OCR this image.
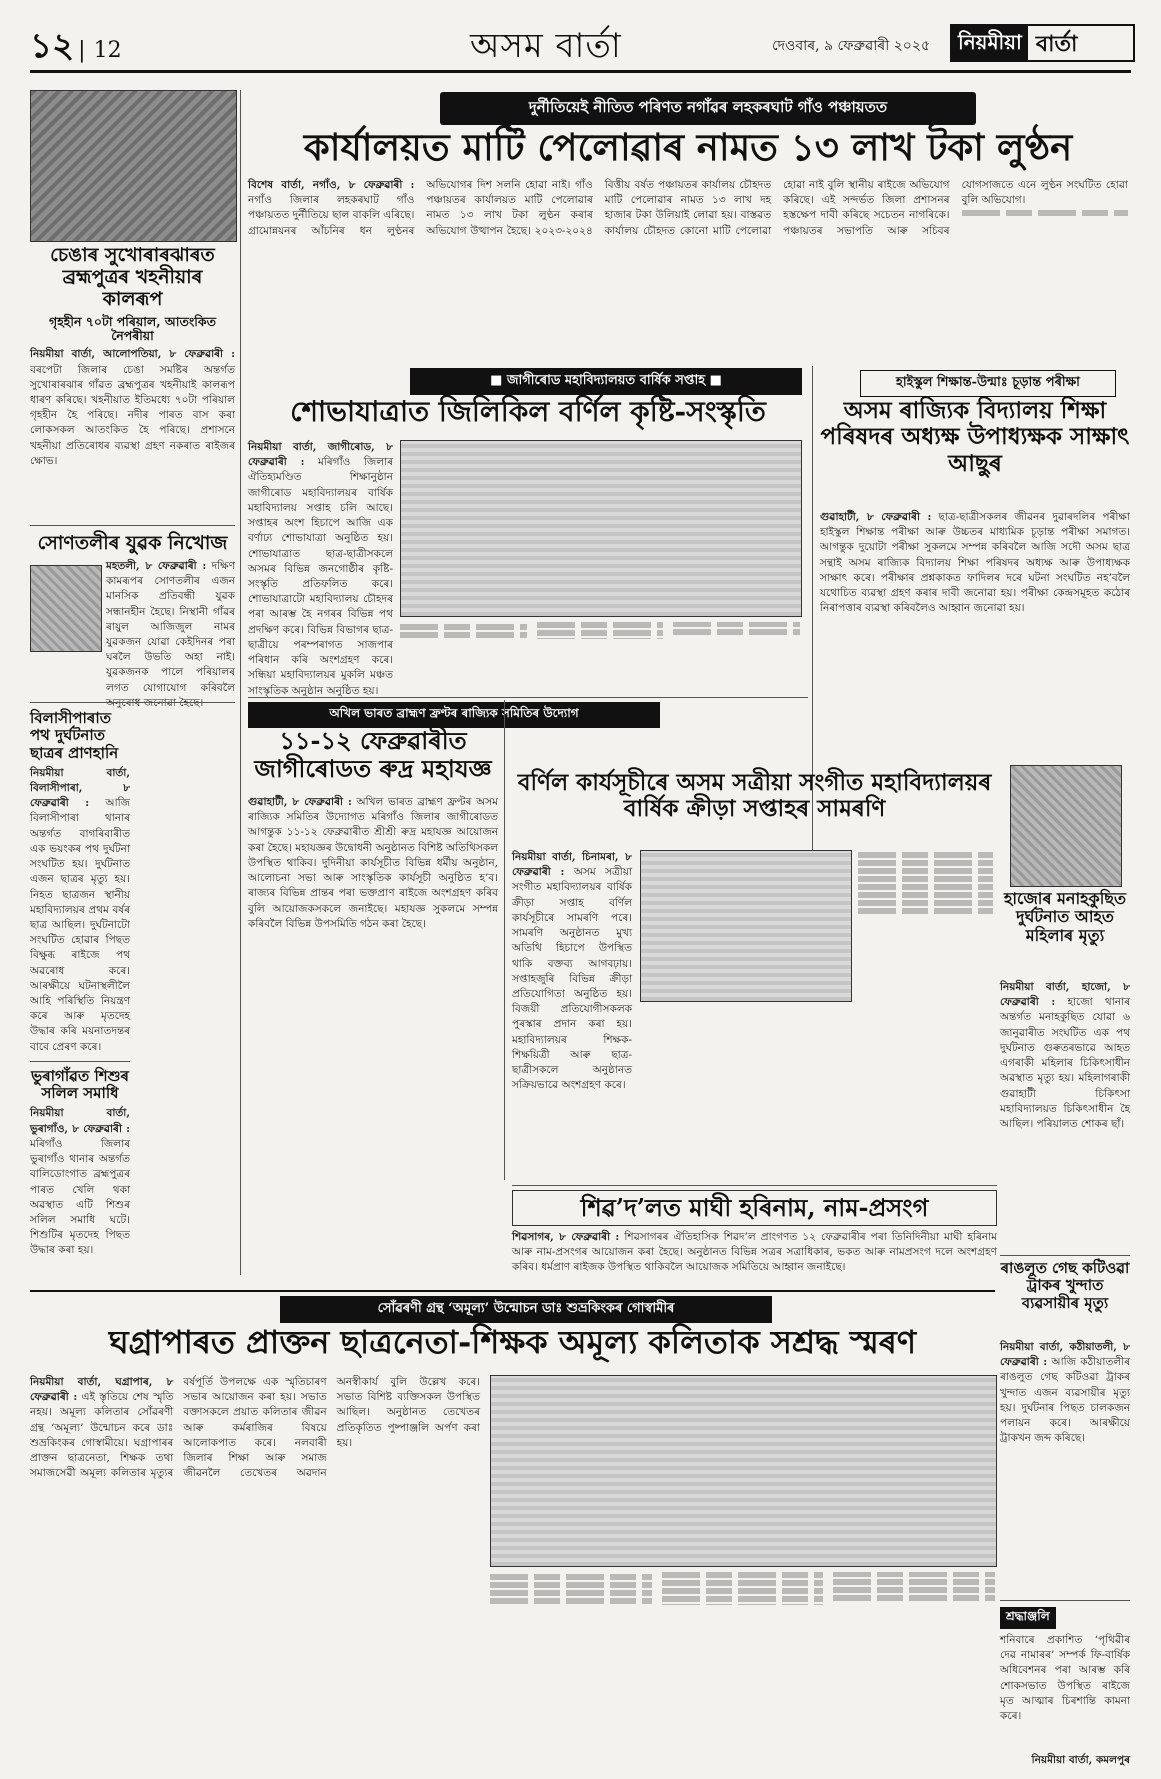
১২ | 12	অসম বাৰ্তা	দেওবাৰ, ৯ ফেব্ৰুৱাৰী ২০২৫	নিয়মীয়া বাৰ্তা
চেঙাৰ সুখোৰাৰঝাৰত ব্ৰহ্মপুত্ৰৰ খহনীয়াৰ কালৰূপ
গৃহহীন ৭০টা পৰিয়াল, আতংকিত নৈপৰীয়া
নিয়মীয়া বাৰ্তা, আলোপতিয়া, ৮ ফেব্ৰুৱাৰী : বৰপেটা জিলাৰ চেঙা সমষ্টিৰ অন্তৰ্গত সুখোৰাৰঝাৰ গাঁৱত ব্ৰহ্মপুত্ৰৰ খহনীয়াই কালৰূপ ধাৰণ কৰিছে। খহনীয়াত ইতিমধ্যে ৭০টা পৰিয়াল গৃহহীন হৈ পৰিছে। নদীৰ পাৰত বাস কৰা লোকসকল আতংকিত হৈ পৰিছে। প্ৰশাসনে খহনীয়া প্ৰতিৰোধৰ ব্যৱস্থা গ্ৰহণ নকৰাত ৰাইজৰ ক্ষোভ।
সোণতলীৰ যুৱক নিখোজ
মহতলী, ৮ ফেব্ৰুৱাৰী : দক্ষিণ কামৰূপৰ সোণতলীৰ এজন মানসিক প্ৰতিবন্ধী যুৱক সন্ধানহীন হৈছে। নিস্থানী গাঁৱৰ ৰায়ুল আজিজুল নামৰ যুৱকজন যোৱা কেইদিনৰ পৰা ঘৰলৈ উভতি অহা নাই। যুৱকজনক পালে পৰিয়ালৰ লগত যোগাযোগ কৰিবলৈ অনুৰোধ জনোৱা হৈছে।
বিলাসীপাৰাত পথ দুৰ্ঘটনাত ছাত্ৰৰ প্ৰাণহানি
নিয়মীয়া বাৰ্তা, বিলাসীপাৰা, ৮ ফেব্ৰুৱাৰী : আজি বিলাসীপাৰা থানাৰ অন্তৰ্গত বাগৰিবাৰীত এক ভয়ংকৰ পথ দুৰ্ঘটনা সংঘটিত হয়। দুৰ্ঘটনাত এজন ছাত্ৰৰ মৃত্যু হয়। নিহত ছাত্ৰজন স্থানীয় মহাবিদ্যালয়ৰ প্ৰথম বৰ্ষৰ ছাত্ৰ আছিল। দুৰ্ঘটনাটো সংঘটিত হোৱাৰ পিছত বিক্ষুব্ধ ৰাইজে পথ অৱৰোধ কৰে। আৰক্ষীয়ে ঘটনাস্থলীলৈ আহি পৰিস্থিতি নিয়ন্ত্ৰণ কৰে আৰু মৃতদেহ উদ্ধাৰ কৰি ময়নাতদন্তৰ বাবে প্ৰেৰণ কৰে।
ভুৰাগাঁৱত শিশুৰ সলিল সমাধি
নিয়মীয়া বাৰ্তা, ভুৰাগাঁও, ৮ ফেব্ৰুৱাৰী : মৰিগাঁও জিলাৰ ভুৰাগাঁও থানাৰ অন্তৰ্গত বালিডোংগাত ব্ৰহ্মপুত্ৰৰ পাৰত খেলি থকা অৱস্থাত এটি শিশুৰ সলিল সমাধি ঘটে। শিশুটিৰ মৃতদেহ পিছত উদ্ধাৰ কৰা হয়।
দুৰ্নীতিয়েই নীতিত পৰিণত নগাঁৱৰ লহকৰঘাট গাঁও পঞ্চায়তত
কাৰ্যালয়ত মাটি পেলোৱাৰ নামত ১৩ লাখ টকা লুণ্ঠন
বিশেষ বাৰ্তা, নগাঁও, ৮ ফেব্ৰুৱাৰী : নগাঁও জিলাৰ লহকৰঘাট গাঁও পঞ্চায়তত দুৰ্নীতিয়ে ছাল বাকলি এৰিছে। গ্ৰামোন্নয়নৰ আঁচনিৰ ধন লুণ্ঠনৰ অভিযোগৰ দিশ সলনি হোৱা নাই। গাঁও পঞ্চায়তৰ কাৰ্যালয়ত মাটি পেলোৱাৰ নামত ১৩ লাখ টকা লুণ্ঠন কৰাৰ অভিযোগ উত্থাপন হৈছে। ২০২৩-২০২৪ বিত্তীয় বৰ্ষত পঞ্চায়তৰ কাৰ্যালয় চৌহদত মাটি পেলোৱাৰ নামত ১৩ লাখ দহ হাজাৰ টকা উলিয়াই লোৱা হয়। বাস্তৱত কাৰ্যালয় চৌহদত কোনো মাটি পেলোৱা হোৱা নাই বুলি স্থানীয় ৰাইজে অভিযোগ কৰিছে। এই সন্দৰ্ভত জিলা প্ৰশাসনৰ হস্তক্ষেপ দাবী কৰিছে সচেতন নাগৰিকে। পঞ্চায়তৰ সভাপতি আৰু সচিবৰ যোগসাজতে এনে লুণ্ঠন সংঘটিত হোৱা বুলি অভিযোগ।
■ জাগীৰোড মহাবিদ্যালয়ত বাৰ্ষিক সপ্তাহ ■
শোভাযাত্ৰাত জিলিকিল বৰ্ণিল কৃষ্টি-সংস্কৃতি
নিয়মীয়া বাৰ্তা, জাগীৰোড, ৮ ফেব্ৰুৱাৰী : মৰিগাঁও জিলাৰ ঐতিহ্যমণ্ডিত শিক্ষানুষ্ঠান জাগীৰোড মহাবিদ্যালয়ৰ বাৰ্ষিক মহাবিদ্যালয় সপ্তাহ চলি আছে। সপ্তাহৰ অংশ হিচাপে আজি এক বৰ্ণাঢ্য শোভাযাত্ৰা অনুষ্ঠিত হয়। শোভাযাত্ৰাত ছাত্ৰ-ছাত্ৰীসকলে অসমৰ বিভিন্ন জনগোষ্ঠীৰ কৃষ্টি-সংস্কৃতি প্ৰতিফলিত কৰে। শোভাযাত্ৰাটো মহাবিদ্যালয় চৌহদৰ পৰা আৰম্ভ হৈ নগৰৰ বিভিন্ন পথ প্ৰদক্ষিণ কৰে। বিভিন্ন বিভাগৰ ছাত্ৰ-ছাত্ৰীয়ে পৰম্পৰাগত সাজপাৰ পৰিধান কৰি অংশগ্ৰহণ কৰে। সন্ধিয়া মহাবিদ্যালয়ৰ মুকলি মঞ্চত সাংস্কৃতিক অনুষ্ঠান অনুষ্ঠিত হয়।
হাইস্কুল শিক্ষান্ত-উন্মাঃ চূড়ান্ত পৰীক্ষা
অসম ৰাজ্যিক বিদ্যালয় শিক্ষা পৰিষদৰ অধ্যক্ষ উপাধ্যক্ষক সাক্ষাৎ আছুৰ
গুৱাহাটী, ৮ ফেব্ৰুৱাৰী : ছাত্ৰ-ছাত্ৰীসকলৰ জীৱনৰ দুৱাৰদলিৰ পৰীক্ষা হাইস্কুল শিক্ষান্ত পৰীক্ষা আৰু উচ্চতৰ মাধ্যমিক চূড়ান্ত পৰীক্ষা সমাগত। আগন্তুক দুয়োটা পৰীক্ষা সুকলমে সম্পন্ন কৰিবলৈ আজি সদৌ অসম ছাত্ৰ সন্থাই অসম ৰাজ্যিক বিদ্যালয় শিক্ষা পৰিষদৰ অধ্যক্ষ আৰু উপাধ্যক্ষক সাক্ষাৎ কৰে। পৰীক্ষাৰ প্ৰশ্নকাকত ফাদিলৰ দৰে ঘটনা সংঘটিত নহ’বলৈ যথোচিত ব্যৱস্থা গ্ৰহণ কৰাৰ দাবী জনোৱা হয়। পৰীক্ষা কেন্দ্ৰসমূহত কঠোৰ নিৰাপত্তাৰ ব্যৱস্থা কৰিবলৈও আহ্বান জনোৱা হয়।
হাজোৰ মনাহকুছিত দুৰ্ঘটনাত আহত মহিলাৰ মৃত্যু
নিয়মীয়া বাৰ্তা, হাজো, ৮ ফেব্ৰুৱাৰী : হাজো থানাৰ অন্তৰ্গত মনাহকুছিত যোৱা ৬ জানুৱাৰীত সংঘটিত এক পথ দুৰ্ঘটনাত গুৰুতৰভাৱে আহত এগৰাকী মহিলাৰ চিকিৎসাধীন অৱস্থাত মৃত্যু হয়। মহিলাগৰাকী গুৱাহাটী চিকিৎসা মহাবিদ্যালয়ত চিকিৎসাধীন হৈ আছিল। পৰিয়ালত শোকৰ ছাঁ।
অখিল ভাৰত ব্ৰাহ্মণ ফ্ৰণ্টৰ ৰাজ্যিক সমিতিৰ উদ্যোগ
১১-১২ ফেব্ৰুৱাৰীত জাগীৰোডত ৰুদ্ৰ মহাযজ্ঞ
গুৱাহাটী, ৮ ফেব্ৰুৱাৰী : অখিল ভাৰত ব্ৰাহ্মণ ফ্ৰণ্টৰ অসম ৰাজ্যিক সমিতিৰ উদ্যোগত মৰিগাঁও জিলাৰ জাগীৰোডত আগন্তুক ১১-১২ ফেব্ৰুৱাৰীত শ্ৰীশ্ৰী ৰুদ্ৰ মহাযজ্ঞ আয়োজন কৰা হৈছে। মহাযজ্ঞৰ উদ্বোধনী অনুষ্ঠানত বিশিষ্ট অতিথিসকল উপস্থিত থাকিব। দুদিনীয়া কাৰ্যসূচীত বিভিন্ন ধৰ্মীয় অনুষ্ঠান, আলোচনা সভা আৰু সাংস্কৃতিক কাৰ্যসূচী অনুষ্ঠিত হ’ব। ৰাজ্যৰ বিভিন্ন প্ৰান্তৰ পৰা ভক্তপ্ৰাণ ৰাইজে অংশগ্ৰহণ কৰিব বুলি আয়োজকসকলে জনাইছে। মহাযজ্ঞ সুকলমে সম্পন্ন কৰিবলৈ বিভিন্ন উপসমিতি গঠন কৰা হৈছে।
বৰ্ণিল কাৰ্যসূচীৰে অসম সত্ৰীয়া সংগীত মহাবিদ্যালয়ৰ বাৰ্ষিক ক্ৰীড়া সপ্তাহৰ সামৰণি
নিয়মীয়া বাৰ্তা, চিনামৰা, ৮ ফেব্ৰুৱাৰী : অসম সত্ৰীয়া সংগীত মহাবিদ্যালয়ৰ বাৰ্ষিক ক্ৰীড়া সপ্তাহ বৰ্ণিল কাৰ্যসূচীৰে সামৰণি পৰে। সামৰণি অনুষ্ঠানত মুখ্য অতিথি হিচাপে উপস্থিত থাকি বক্তব্য আগবঢ়ায়। সপ্তাহজুৰি বিভিন্ন ক্ৰীড়া প্ৰতিযোগিতা অনুষ্ঠিত হয়। বিজয়ী প্ৰতিযোগীসকলক পুৰস্কাৰ প্ৰদান কৰা হয়। মহাবিদ্যালয়ৰ শিক্ষক-শিক্ষয়িত্ৰী আৰু ছাত্ৰ-ছাত্ৰীসকলে অনুষ্ঠানত সক্ৰিয়ভাৱে অংশগ্ৰহণ কৰে।
ৰাঙলুত গেছ কটিওৱা ট্ৰাকৰ খুন্দাত ব্যৱসায়ীৰ মৃত্যু
নিয়মীয়া বাৰ্তা, কঠীয়াতলী, ৮ ফেব্ৰুৱাৰী : আজি কঠীয়াতলীৰ ৰাঙলুত গেছ কটিওৱা ট্ৰাকৰ খুন্দাত এজন ব্যৱসায়ীৰ মৃত্যু হয়। দুৰ্ঘটনাৰ পিছত চালকজন পলায়ন কৰে। আৰক্ষীয়ে ট্ৰাকখন জব্দ কৰিছে।
শিৱ’দ’লত মাঘী হৰিনাম, নাম-প্ৰসংগ
শিৱসাগৰ, ৮ ফেব্ৰুৱাৰী : শিৱসাগৰৰ ঐতিহাসিক শিৱদ’ল প্ৰাংগণত ১২ ফেব্ৰুৱাৰীৰ পৰা তিনিদিনীয়া মাঘী হৰিনাম আৰু নাম-প্ৰসংগৰ আয়োজন কৰা হৈছে। অনুষ্ঠানত বিভিন্ন সত্ৰৰ সত্ৰাধিকাৰ, ভকত আৰু নামপ্ৰসংগ দলে অংশগ্ৰহণ কৰিব। ধৰ্মপ্ৰাণ ৰাইজক উপস্থিত থাকিবলৈ আয়োজক সমিতিয়ে আহ্বান জনাইছে।
সোঁৱৰণী গ্ৰন্থ ‘অমূল্য’ উন্মোচন ডাঃ শুভ্ৰকিংকৰ গোস্বামীৰ
ঘগ্ৰাপাৰত প্ৰাক্তন ছাত্ৰনেতা-শিক্ষক অমূল্য কলিতাক সশ্ৰদ্ধ স্মৰণ
নিয়মীয়া বাৰ্তা, ঘগ্ৰাপাৰ, ৮ ফেব্ৰুৱাৰী : এই স্তৃতিয়ে শেষ স্মৃতি নহয়। অমূল্য কলিতাৰ সোঁৱৰণী গ্ৰন্থ ‘অমূল্য’ উন্মোচন কৰে ডাঃ শুভ্ৰকিংকৰ গোস্বামীয়ে। ঘগ্ৰাপাৰৰ প্ৰাক্তন ছাত্ৰনেতা, শিক্ষক তথা সমাজসেৱী অমূল্য কলিতাৰ মৃত্যুৰ বৰ্ষপূৰ্তি উপলক্ষে এক স্মৃতিচাৰণ সভাৰ আয়োজন কৰা হয়। সভাত বক্তাসকলে প্ৰয়াত কলিতাৰ জীৱন আৰু কৰ্মৰাজিৰ বিষয়ে আলোকপাত কৰে। নলবাৰী জিলাৰ শিক্ষা আৰু সমাজ জীৱনলৈ তেখেতৰ অৱদান অনস্বীকাৰ্য বুলি উল্লেখ কৰে। সভাত বিশিষ্ট ব্যক্তিসকল উপস্থিত আছিল। অনুষ্ঠানত তেখেতৰ প্ৰতিকৃতিত পুষ্পাঞ্জলি অৰ্পণ কৰা হয়।
শ্ৰদ্ধাঞ্জলি
শনিবাৰে প্ৰকাশিত ‘পৃথিৱীৰ দেৱ নামাৰৰ’ সম্পৰ্ক ফি-বাৰ্ষিক অধিবেশনৰ পৰা আৰম্ভ কৰি শোকসভাত উপস্থিত ৰাইজে মৃত আত্মাৰ চিৰশান্তি কামনা কৰে।
নিয়মীয়া বাৰ্তা, কমলপুৰ
